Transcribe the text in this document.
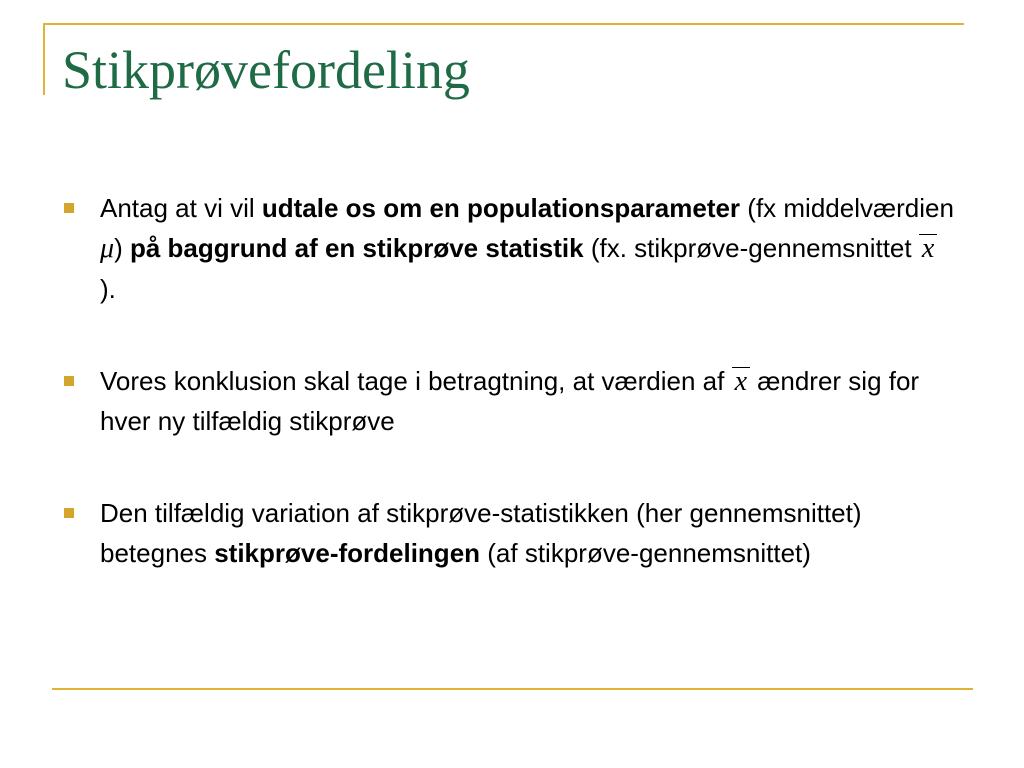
Stikprøvefordeling
Antag at vi vil udtale os om en populationsparameter (fx middelværdien μ) på baggrund af en stikprøve statistik (fx. stikprøve-gennemsnittet x ).
Vores konklusion skal tage i betragtning, at værdien af x ændrer sig for hver ny tilfældig stikprøve
Den tilfældig variation af stikprøve-statistikken (her gennemsnittet) betegnes stikprøve-fordelingen (af stikprøve-gennemsnittet)
